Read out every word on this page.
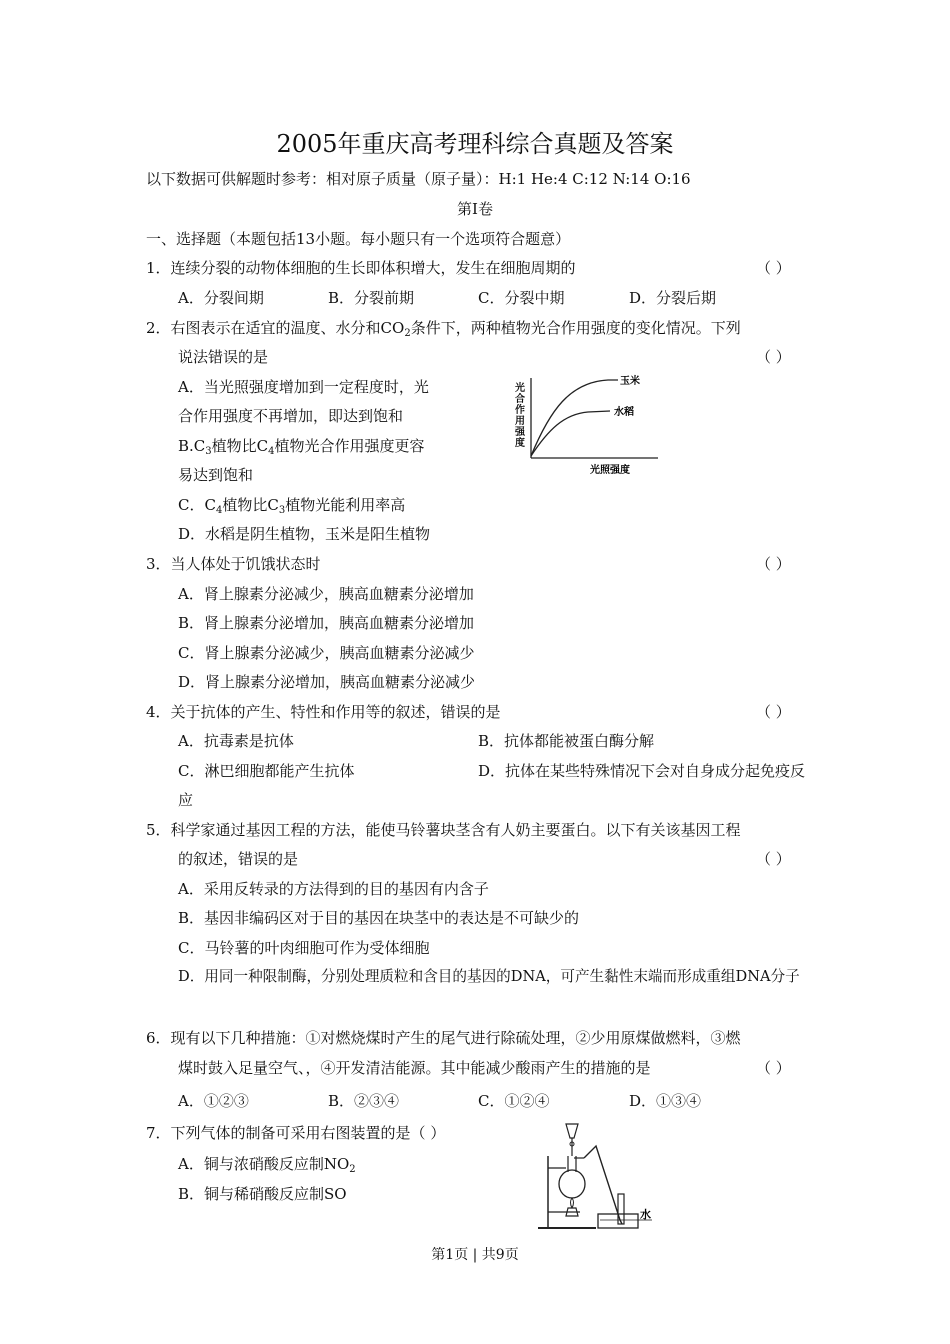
2005年重庆高考理科综合真题及答案
以下数据可供解题时参考：相对原子质量（原子量）：H:1 He:4 C:12 N:14 O:16
第Ⅰ卷
一、选择题（本题包括13小题。每小题只有一个选项符合题意）
1．连续分裂的动物体细胞的生长即体积增大，发生在细胞周期的	（ ）
A．分裂间期	B．分裂前期	C．分裂中期	D．分裂后期
2．右图表示在适宜的温度、水分和$CO_2$条件下，两种植物光合作用强度的变化情况。下列
说法错误的是	（ ）
A．当光照强度增加到一定程度时，光
合作用强度不再增加，即达到饱和
$B.C_3$植物比$C_4$植物光合作用强度更容
易达到饱和
C．$C_4$植物比$C_3$植物光能利用率高
D．水稻是阴生植物，玉米是阳生植物
玉米
水稻
光照强度
光合作用强度
3．当人体处于饥饿状态时	（ ）
A．肾上腺素分泌减少，胰高血糖素分泌增加
B．肾上腺素分泌增加，胰高血糖素分泌增加
C．肾上腺素分泌减少，胰高血糖素分泌减少
D．肾上腺素分泌增加，胰高血糖素分泌减少
4．关于抗体的产生、特性和作用等的叙述，错误的是	（ ）
A．抗毒素是抗体	B．抗体都能被蛋白酶分解
C．淋巴细胞都能产生抗体	D．抗体在某些特殊情况下会对自身成分起免疫反
应
5．科学家通过基因工程的方法，能使马铃薯块茎含有人奶主要蛋白。以下有关该基因工程
的叙述，错误的是	（ ）
A．采用反转录的方法得到的目的基因有内含子
B．基因非编码区对于目的基因在块茎中的表达是不可缺少的
C．马铃薯的叶肉细胞可作为受体细胞
D．用同一种限制酶，分别处理质粒和含目的基因的DNA，可产生黏性末端而形成重组DNA分子
6．现有以下几种措施：①对燃烧煤时产生的尾气进行除硫处理，②少用原煤做燃料，③燃
煤时鼓入足量空气、，④开发清洁能源。其中能减少酸雨产生的措施的是	（ ）
A．①②③	B．②③④	C．①②④	D．①③④
7．下列气体的制备可采用右图装置的是（ ）
A．铜与浓硝酸反应制$NO_2$
B．铜与稀硝酸反应制SO
水
第1页 | 共9页
